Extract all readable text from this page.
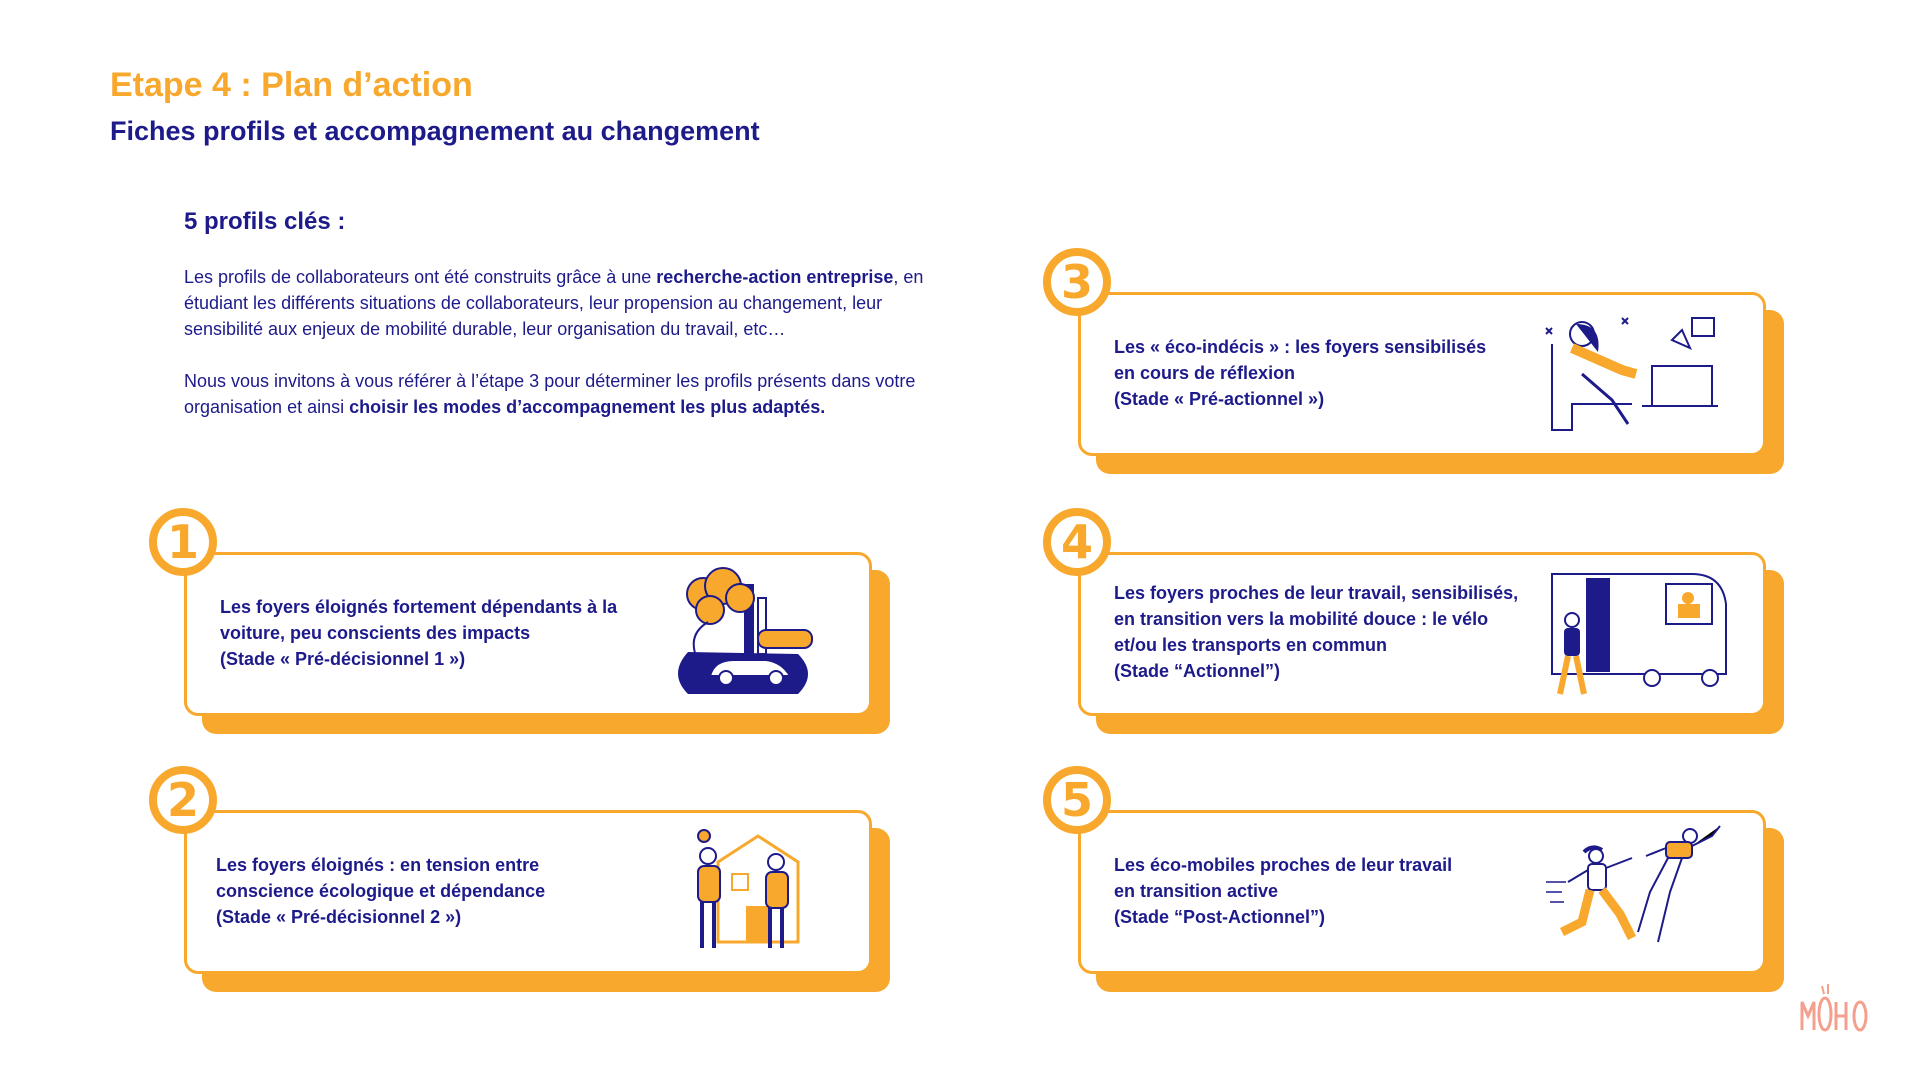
Etape 4 : Plan d’action
Fiches profils et accompagnement au changement
5 profils clés :

Les profils de collaborateurs ont été construits grâce à une recherche-action entreprise, en étudiant les différents situations de collaborateurs, leur propension au changement, leur sensibilité aux enjeux de mobilité durable, leur organisation du travail, etc…

Nous vous invitons à vous référer à l’étape 3 pour déterminer les profils présents dans votre organisation et ainsi choisir les modes d’accompagnement les plus adaptés.

1
Les foyers éloignés fortement dépendants à la
voiture, peu conscients des impacts
(Stade « Pré-décisionnel 1 »)
2
Les foyers éloignés : en tension entre
conscience écologique et dépendance
(Stade « Pré-décisionnel 2 »)
3
Les « éco-indécis » : les foyers sensibilisés
en cours de réflexion
(Stade « Pré-actionnel »)
4
Les foyers proches de leur travail, sensibilisés,
en transition vers la mobilité douce : le vélo
et/ou les transports en commun
(Stade “Actionnel”)
5
Les éco-mobiles proches de leur travail
en transition active
(Stade “Post-Actionnel”)
